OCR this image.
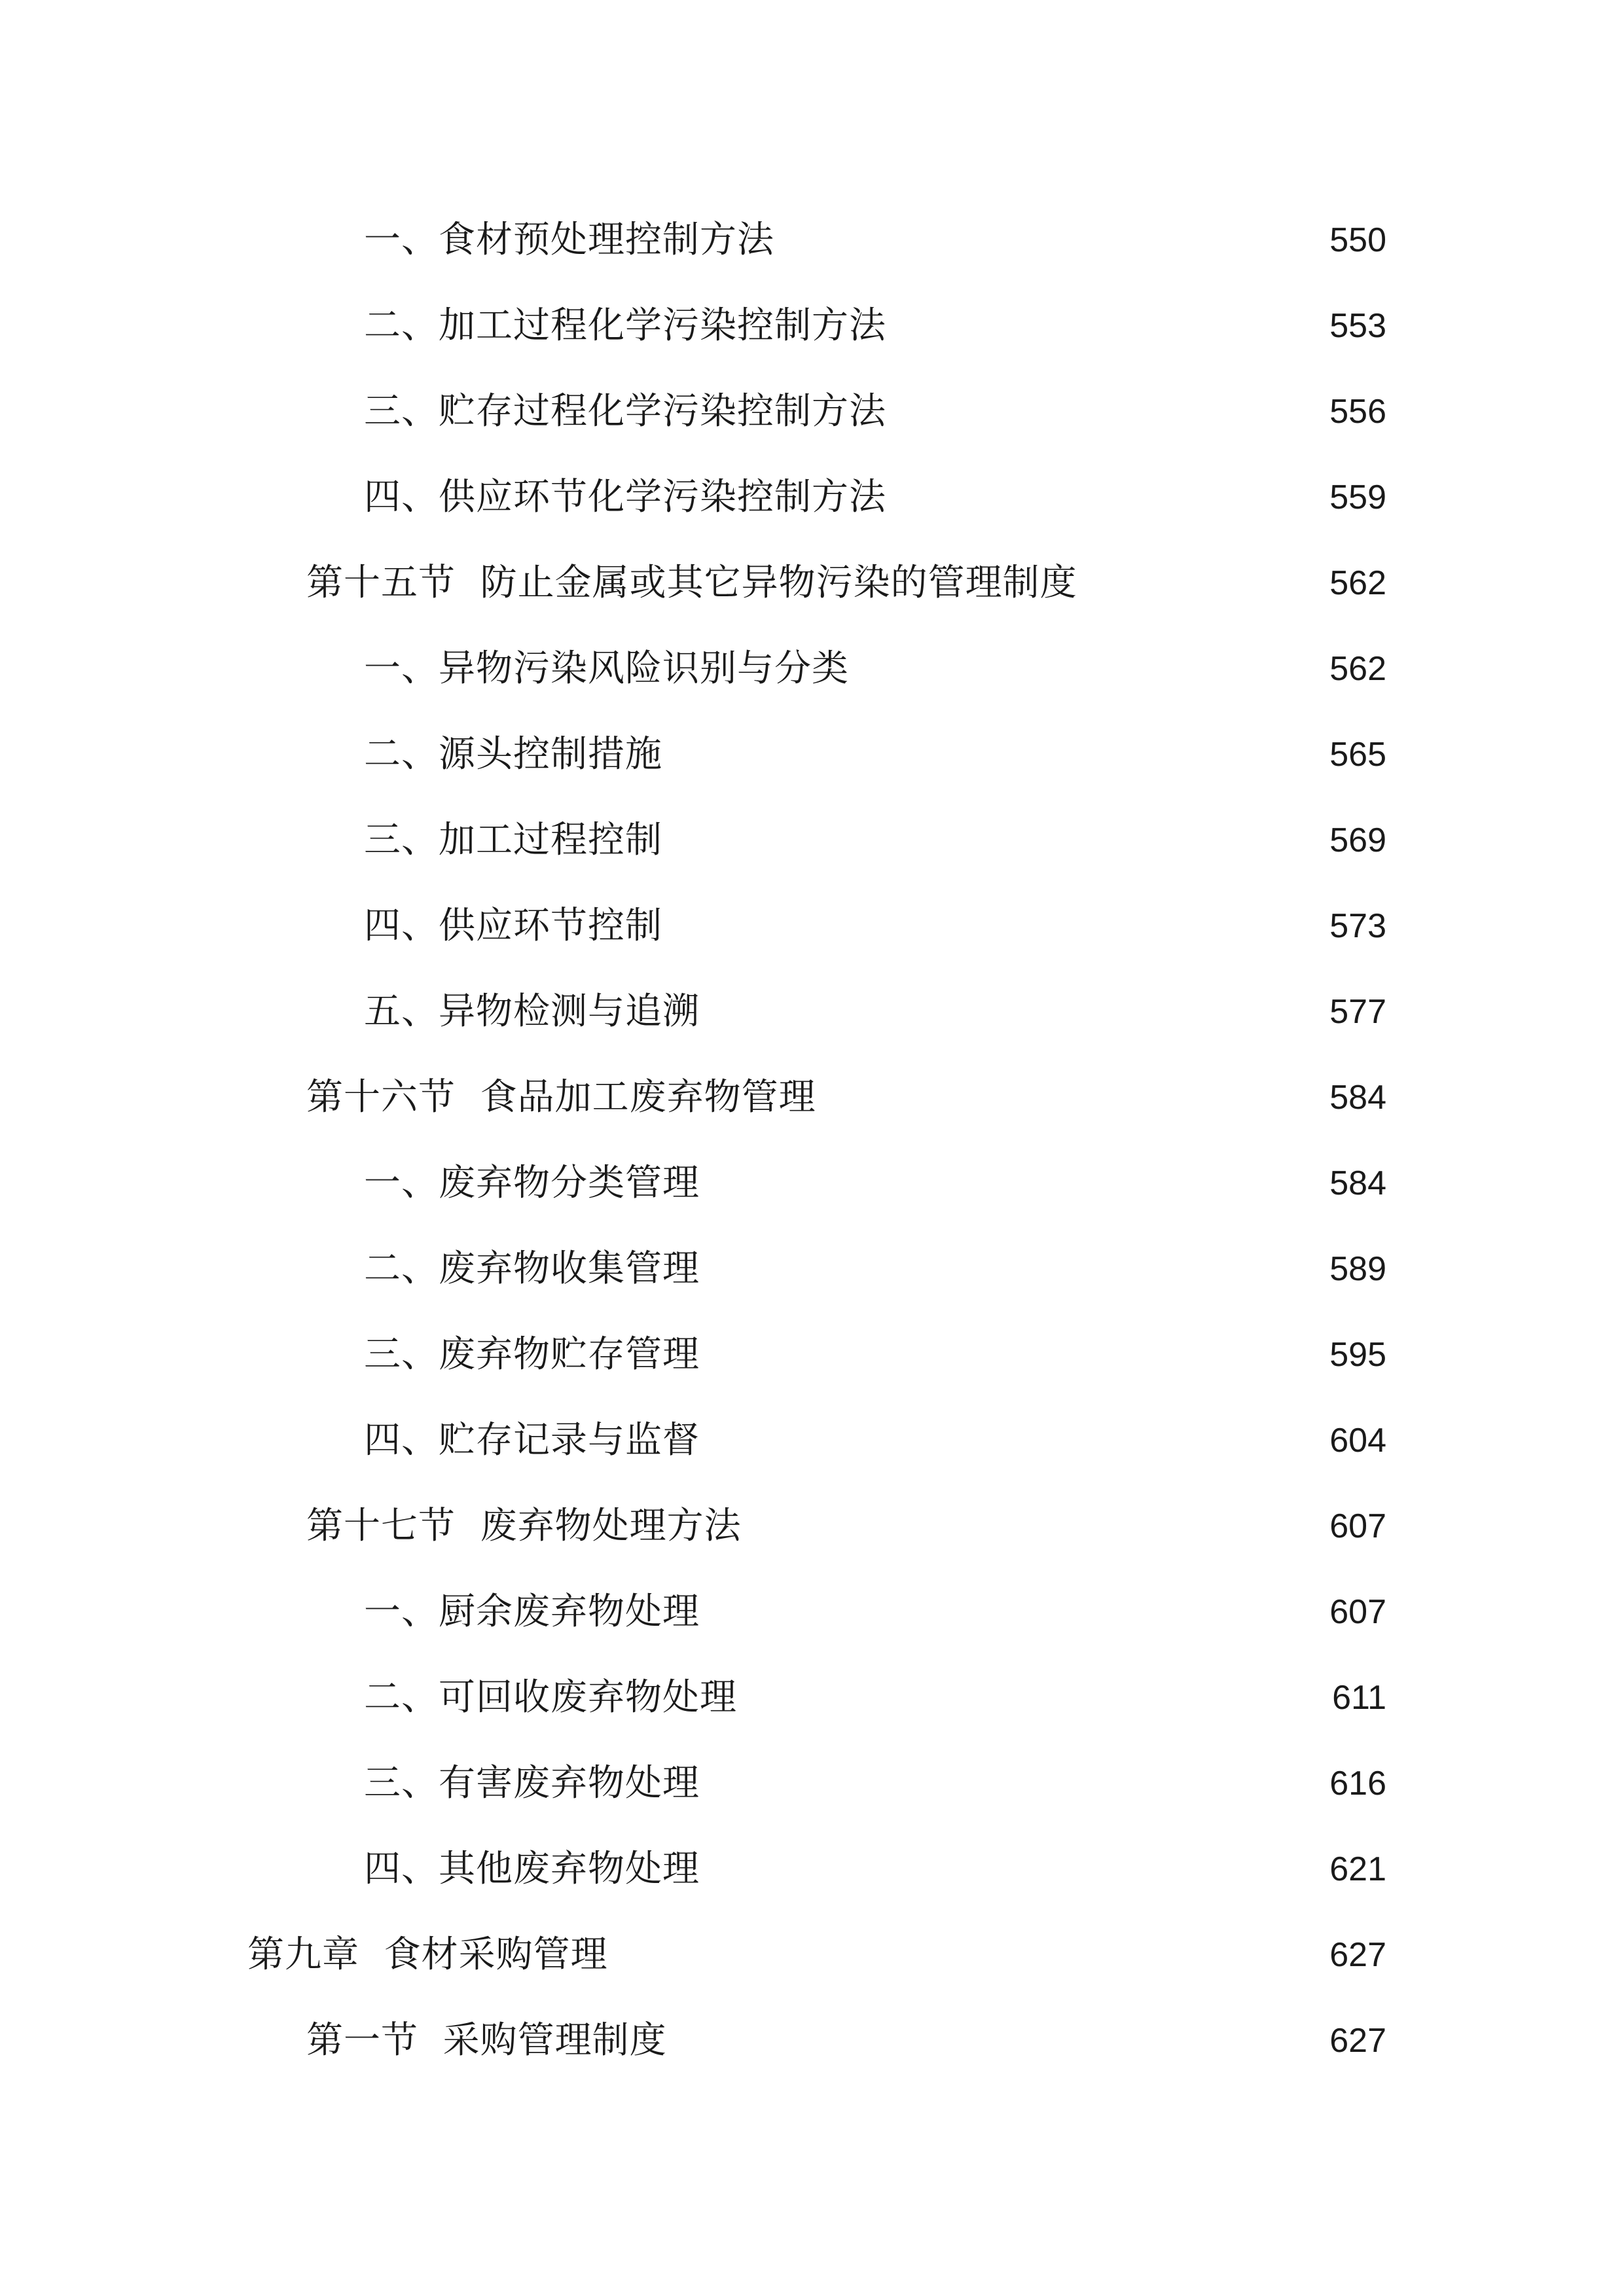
一、食材预处理控制方法	550
二、加工过程化学污染控制方法	553
三、贮存过程化学污染控制方法	556
四、供应环节化学污染控制方法	559
第十五节  防止金属或其它异物污染的管理制度	562
一、异物污染风险识别与分类	562
二、源头控制措施	565
三、加工过程控制	569
四、供应环节控制	573
五、异物检测与追溯	577
第十六节  食品加工废弃物管理	584
一、废弃物分类管理	584
二、废弃物收集管理	589
三、废弃物贮存管理	595
四、贮存记录与监督	604
第十七节  废弃物处理方法	607
一、厨余废弃物处理	607
二、可回收废弃物处理	611
三、有害废弃物处理	616
四、其他废弃物处理	621
第九章  食材采购管理	627
第一节  采购管理制度	627
